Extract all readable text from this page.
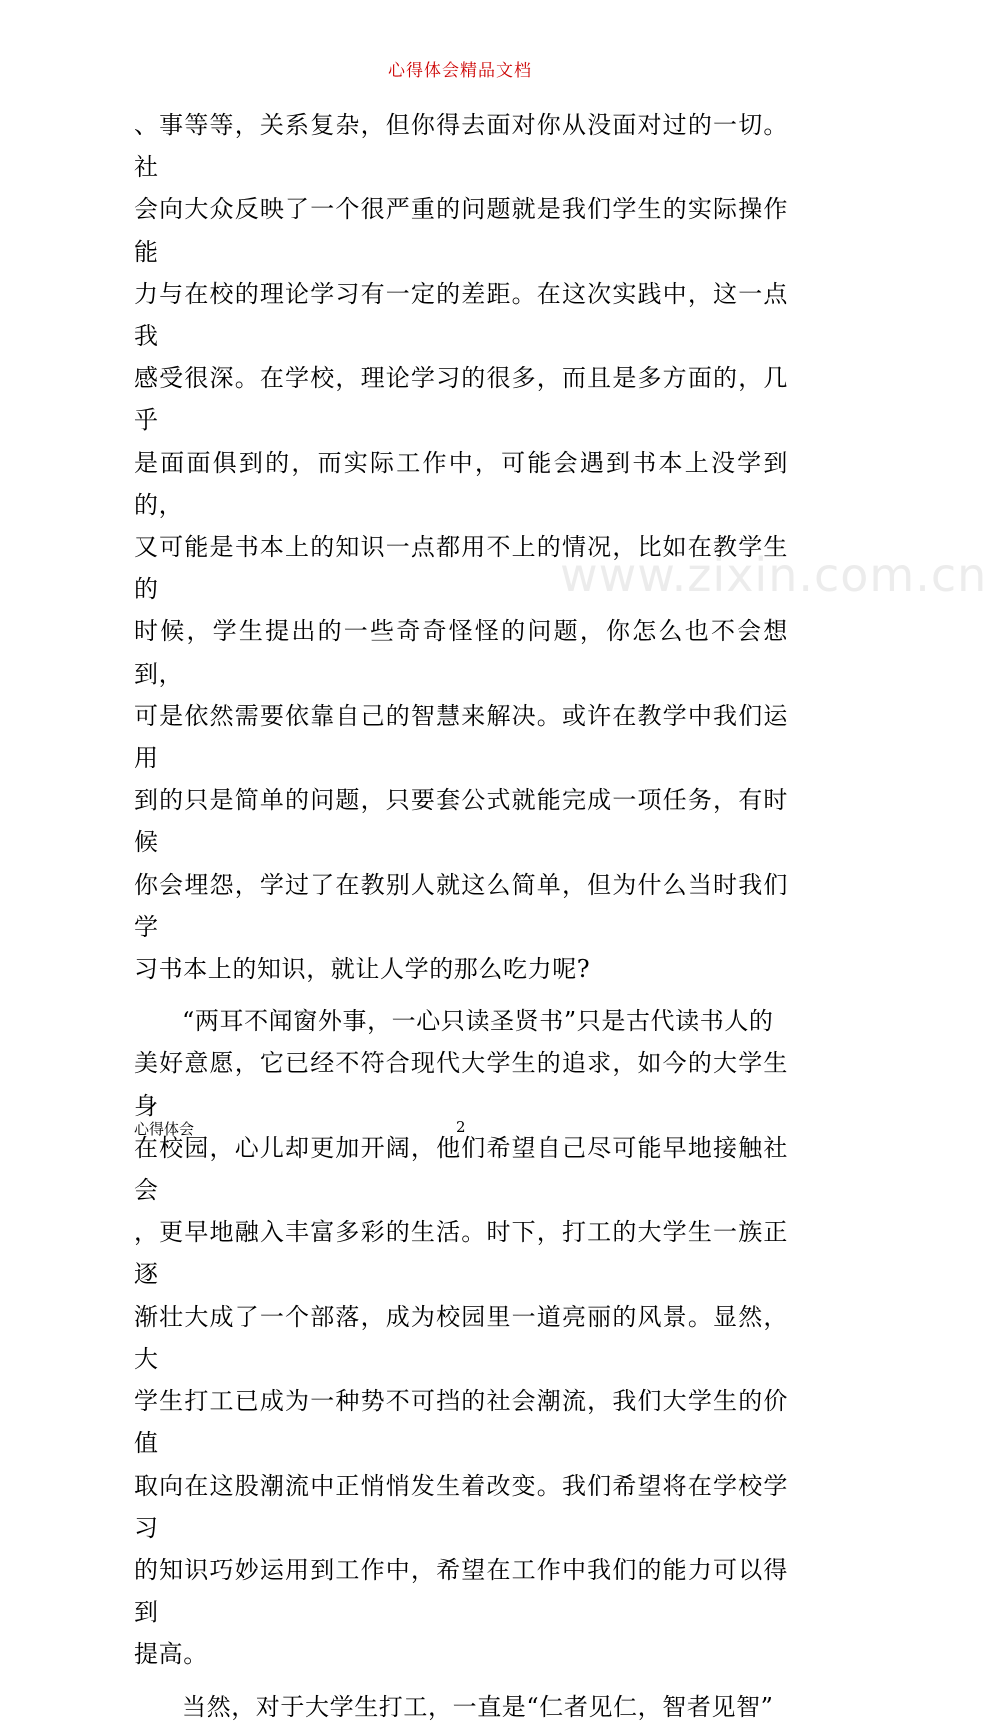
心得体会精品文档
www.zixin.com.cn
、事等等，关系复杂，但你得去面对你从没面对过的一切。社
会向大众反映了一个很严重的问题就是我们学生的实际操作能
力与在校的理论学习有一定的差距。在这次实践中，这一点我
感受很深。在学校，理论学习的很多，而且是多方面的，几乎
是面面俱到的，而实际工作中，可能会遇到书本上没学到的，
又可能是书本上的知识一点都用不上的情况，比如在教学生的
时候，学生提出的一些奇奇怪怪的问题，你怎么也不会想到，
可是依然需要依靠自己的智慧来解决。或许在教学中我们运用
到的只是简单的问题，只要套公式就能完成一项任务，有时候
你会埋怨，学过了在教别人就这么简单，但为什么当时我们学
习书本上的知识，就让人学的那么吃力呢?
“两耳不闻窗外事，一心只读圣贤书”只是古代读书人的
美好意愿，它已经不符合现代大学生的追求，如今的大学生身
在校园，心儿却更加开阔，他们希望自己尽可能早地接触社会
，更早地融入丰富多彩的生活。时下，打工的大学生一族正逐
渐壮大成了一个部落，成为校园里一道亮丽的风景。显然，大
学生打工已成为一种势不可挡的社会潮流，我们大学生的价值
取向在这股潮流中正悄悄发生着改变。我们希望将在学校学习
的知识巧妙运用到工作中，希望在工作中我们的能力可以得到
提高。
当然，对于大学生打工，一直是“仁者见仁，智者见智”
心得体会	2
